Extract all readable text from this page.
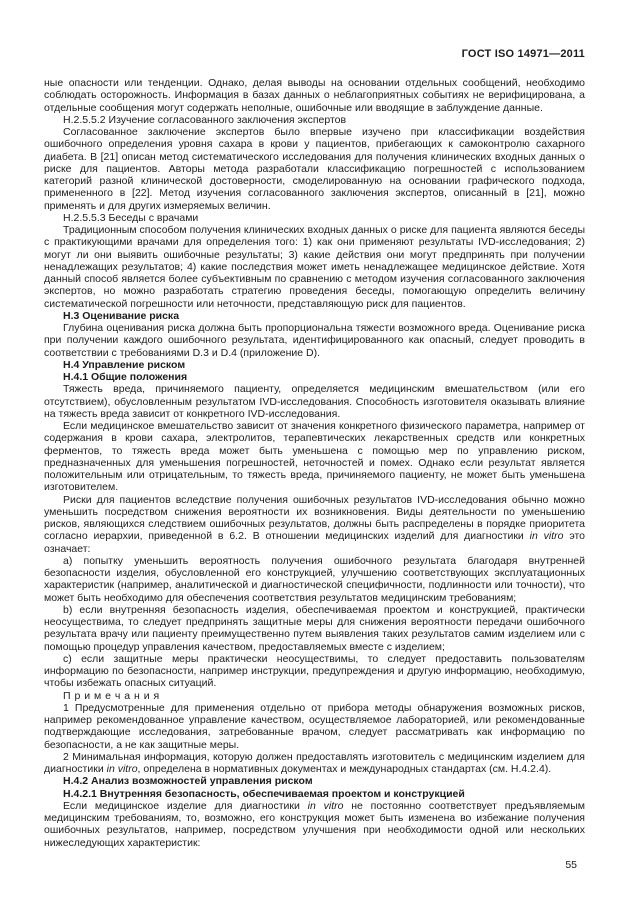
ГОСТ ISO 14971—2011

ные опасности или тенденции. Однако, делая выводы на основании отдельных сообщений, необходимо соблюдать осторожность. Информация в базах данных о неблагоприятных событиях не верифицирована, а отдельные сообщения могут содержать неполные, ошибочные или вводящие в заблуждение данные.

Н.2.5.5.2 Изучение согласованного заключения экспертов

Согласованное заключение экспертов было впервые изучено при классификации воздействия ошибочного определения уровня сахара в крови у пациентов, прибегающих к самоконтролю сахарного диабета. В [21] описан метод систематического исследования для получения клинических входных данных о риске для пациентов. Авторы метода разработали классификацию погрешностей с использованием категорий разной клинической достоверности, смоделированную на основании графического подхода, примененного в [22]. Метод изучения согласованного заключения экспертов, описанный в [21], можно применять и для других измеряемых величин.

Н.2.5.5.3 Беседы с врачами

Традиционным способом получения клинических входных данных о риске для пациента являются беседы с практикующими врачами для определения того: 1) как они применяют результаты IVD-исследования; 2) могут ли они выявить ошибочные результаты; 3) какие действия они могут предпринять при получении ненадлежащих результатов; 4) какие последствия может иметь ненадлежащее медицинское действие. Хотя данный способ является более субъективным по сравнению с методом изучения согласованного заключения экспертов, но можно разработать стратегию проведения беседы, помогающую определить величину систематической погрешности или неточности, представляющую риск для пациентов.

Н.3 Оценивание риска

Глубина оценивания риска должна быть пропорциональна тяжести возможного вреда. Оценивание риска при получении каждого ошибочного результата, идентифицированного как опасный, следует проводить в соответствии с требованиями D.3 и D.4 (приложение D).

Н.4 Управление риском

Н.4.1 Общие положения

Тяжесть вреда, причиняемого пациенту, определяется медицинским вмешательством (или его отсутствием), обусловленным результатом IVD-исследования. Способность изготовителя оказывать влияние на тяжесть вреда зависит от конкретного IVD-исследования.

Если медицинское вмешательство зависит от значения конкретного физического параметра, например от содержания в крови сахара, электролитов, терапевтических лекарственных средств или конкретных ферментов, то тяжесть вреда может быть уменьшена с помощью мер по управлению риском, предназначенных для уменьшения погрешностей, неточностей и помех. Однако если результат является положительным или отрицательным, то тяжесть вреда, причиняемого пациенту, не может быть уменьшена изготовителем.

Риски для пациентов вследствие получения ошибочных результатов IVD-исследования обычно можно уменьшить посредством снижения вероятности их возникновения. Виды деятельности по уменьшению рисков, являющихся следствием ошибочных результатов, должны быть распределены в порядке приоритета согласно иерархии, приведенной в 6.2. В отношении медицинских изделий для диагностики in vitro это означает:

a) попытку уменьшить вероятность получения ошибочного результата благодаря внутренней безопасности изделия, обусловленной его конструкцией, улучшению соответствующих эксплуатационных характеристик (например, аналитической и диагностической специфичности, подлинности или точности), что может быть необходимо для обеспечения соответствия результатов медицинским требованиям;

b) если внутренняя безопасность изделия, обеспечиваемая проектом и конструкцией, практически неосуществима, то следует предпринять защитные меры для снижения вероятности передачи ошибочного результата врачу или пациенту преимущественно путем выявления таких результатов самим изделием или с помощью процедур управления качеством, предоставляемых вместе с изделием;

c) если защитные меры практически неосуществимы, то следует предоставить пользователям информацию по безопасности, например инструкции, предупреждения и другую информацию, необходимую, чтобы избежать опасных ситуаций.

П р и м е ч а н и я

1 Предусмотренные для применения отдельно от прибора методы обнаружения возможных рисков, например рекомендованное управление качеством, осуществляемое лабораторией, или рекомендованные подтверждающие исследования, затребованные врачом, следует рассматривать как информацию по безопасности, а не как защитные меры.

2 Минимальная информация, которую должен предоставлять изготовитель с медицинским изделием для диагностики in vitro, определена в нормативных документах и международных стандартах (см. Н.4.2.4).

Н.4.2 Анализ возможностей управления риском

Н.4.2.1 Внутренняя безопасность, обеспечиваемая проектом и конструкцией

Если медицинское изделие для диагностики in vitro не постоянно соответствует предъявляемым медицинским требованиям, то, возможно, его конструкция может быть изменена во избежание получения ошибочных результатов, например, посредством улучшения при необходимости одной или нескольких нижеследующих характеристик:

55
